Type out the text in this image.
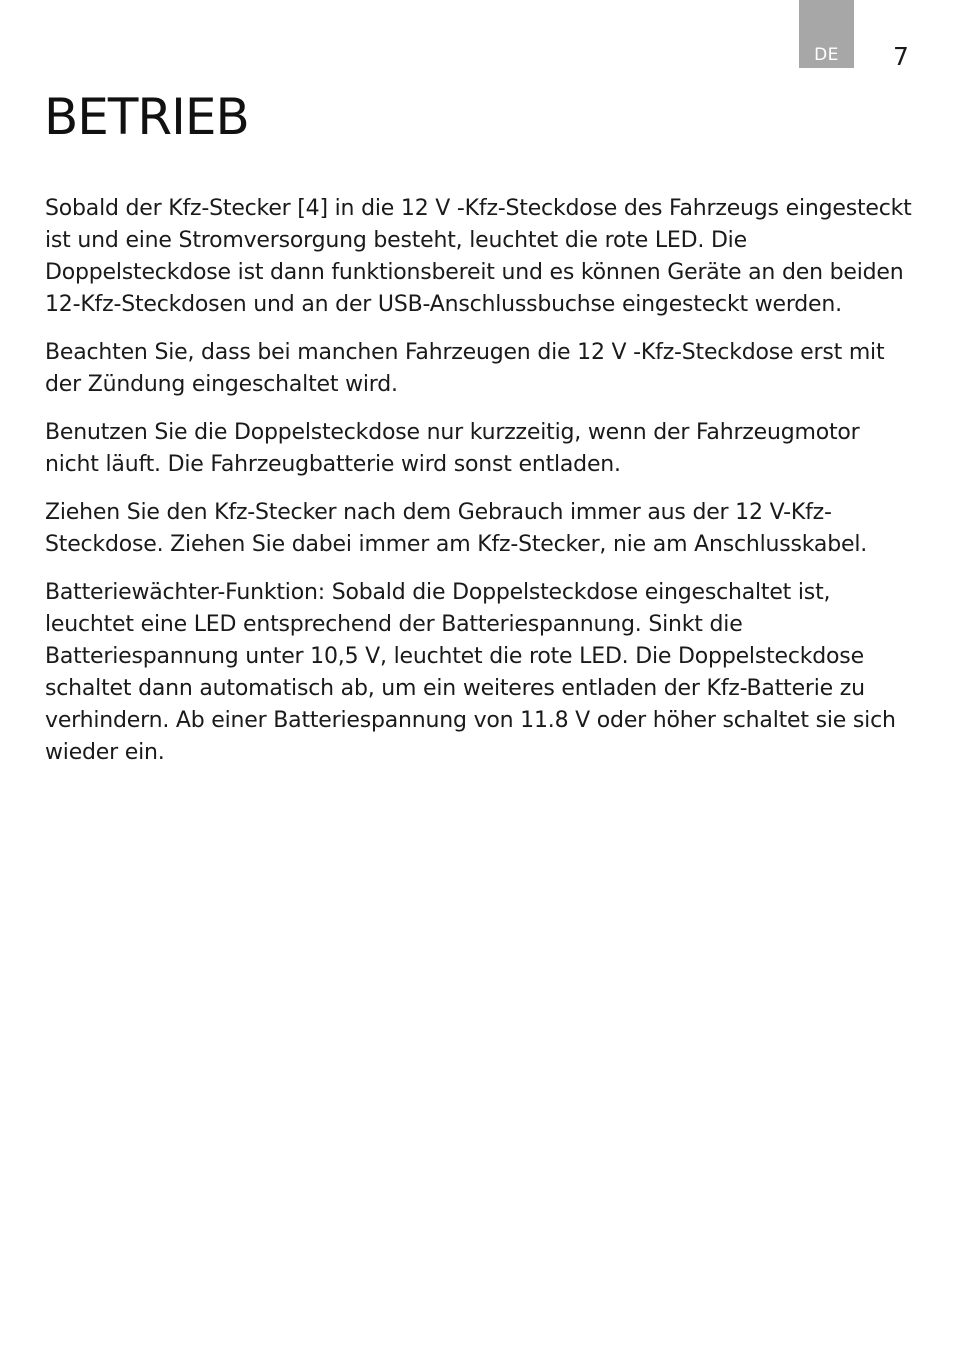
DE 7
BETRIEB

Sobald der Kfz-Stecker [4] in die 12 V -Kfz-Steckdose des Fahrzeugs eingesteckt ist und eine Stromversorgung besteht, leuchtet die rote LED. Die Doppelsteckdose ist dann funktionsbereit und es können Geräte an den beiden 12-Kfz-Steckdosen und an der USB-Anschlussbuchse eingesteckt werden.

Beachten Sie, dass bei manchen Fahrzeugen die 12 V -Kfz-Steckdose erst mit der Zündung eingeschaltet wird.

Benutzen Sie die Doppelsteckdose nur kurzzeitig, wenn der Fahrzeugmotor nicht läuft. Die Fahrzeugbatterie wird sonst entladen.

Ziehen Sie den Kfz-Stecker nach dem Gebrauch immer aus der 12 V-Kfz-Steckdose. Ziehen Sie dabei immer am Kfz-Stecker, nie am Anschlusskabel.

Batteriewächter-Funktion: Sobald die Doppelsteckdose eingeschaltet ist, leuchtet eine LED entsprechend der Batteriespannung. Sinkt die Batteriespannung unter 10,5 V, leuchtet die rote LED. Die Doppelsteckdose schaltet dann automatisch ab, um ein weiteres entladen der Kfz-Batterie zu verhindern. Ab einer Batteriespannung von 11.8 V oder höher schaltet sie sich wieder ein.
